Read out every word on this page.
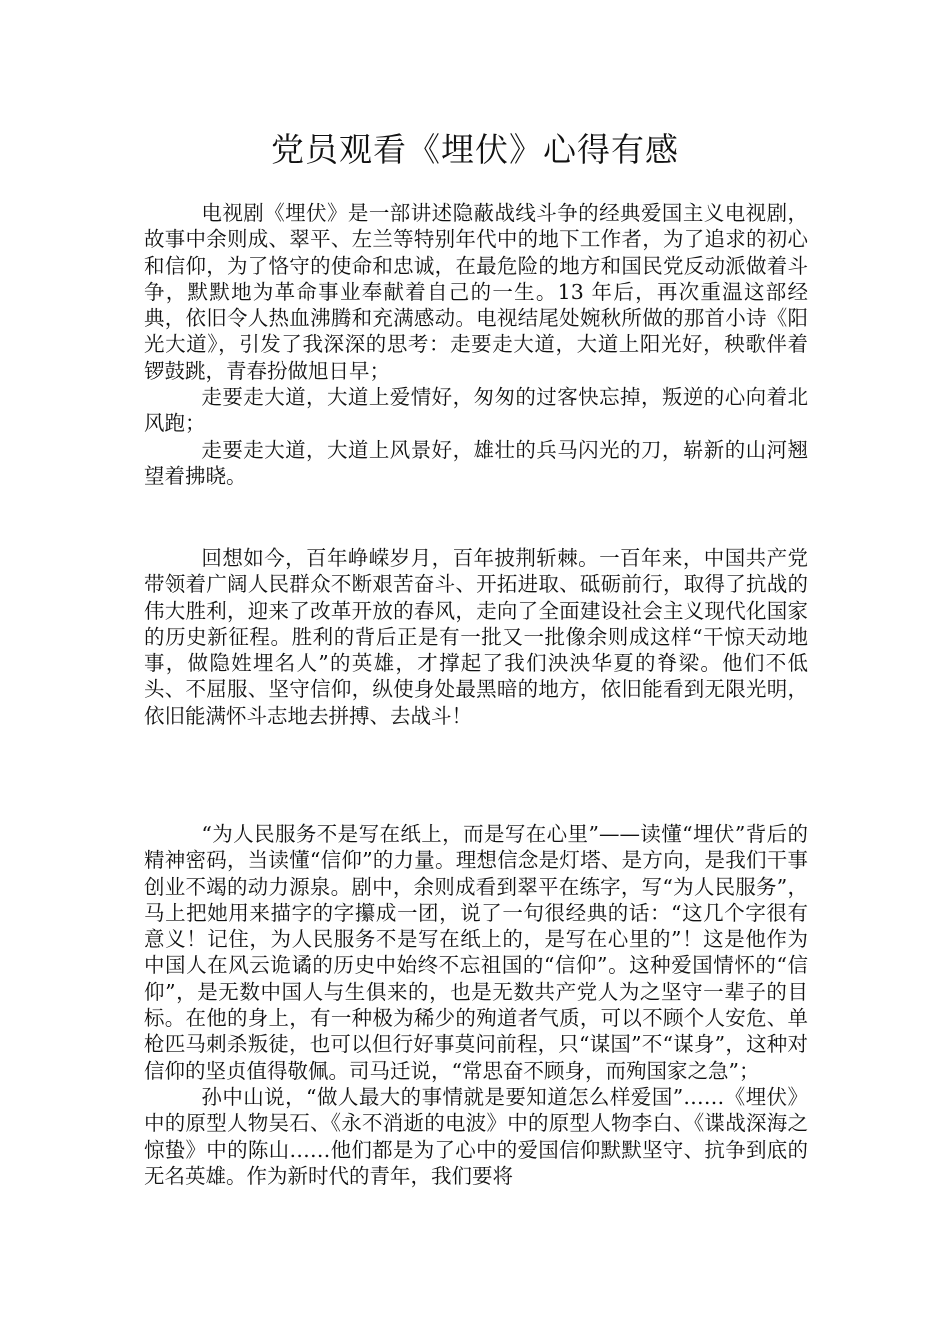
党员观看《埋伏》心得有感

电视剧《埋伏》是一部讲述隐蔽战线斗争的经典爱国主义电视剧，故事中余则成、翠平、左兰等特别年代中的地下工作者，为了追求的初心和信仰，为了恪守的使命和忠诚，在最危险的地方和国民党反动派做着斗争，默默地为革命事业奉献着自己的一生。13 年后，再次重温这部经典，依旧令人热血沸腾和充满感动。电视结尾处婉秋所做的那首小诗《阳光大道》，引发了我深深的思考：走要走大道，大道上阳光好，秧歌伴着锣鼓跳，青春扮做旭日早；

走要走大道，大道上爱情好，匆匆的过客快忘掉，叛逆的心向着北风跑；

走要走大道，大道上风景好，雄壮的兵马闪光的刀，崭新的山河翘望着拂晓。

回想如今，百年峥嵘岁月，百年披荆斩棘。一百年来，中国共产党带领着广阔人民群众不断艰苦奋斗、开拓进取、砥砺前行，取得了抗战的伟大胜利，迎来了改革开放的春风，走向了全面建设社会主义现代化国家的历史新征程。胜利的背后正是有一批又一批像余则成这样“干惊天动地事，做隐姓埋名人”的英雄，才撑起了我们泱泱华夏的脊梁。他们不低头、不屈服、坚守信仰，纵使身处最黑暗的地方，依旧能看到无限光明，依旧能满怀斗志地去拼搏、去战斗！

“为人民服务不是写在纸上，而是写在心里”——读懂“埋伏”背后的精神密码，当读懂“信仰”的力量。理想信念是灯塔、是方向，是我们干事创业不竭的动力源泉。剧中，余则成看到翠平在练字，写“为人民服务”，马上把她用来描字的字攥成一团，说了一句很经典的话：“这几个字很有意义！记住，为人民服务不是写在纸上的，是写在心里的”！这是他作为中国人在风云诡谲的历史中始终不忘祖国的“信仰”。这种爱国情怀的“信仰”，是无数中国人与生俱来的，也是无数共产党人为之坚守一辈子的目标。在他的身上，有一种极为稀少的殉道者气质，可以不顾个人安危、单枪匹马刺杀叛徒，也可以但行好事莫问前程，只“谋国”不“谋身”，这种对信仰的坚贞值得敬佩。司马迁说，“常思奋不顾身，而殉国家之急”；

孙中山说，“做人最大的事情就是要知道怎么样爱国”……《埋伏》中的原型人物吴石、《永不消逝的电波》中的原型人物李白、《谍战深海之惊蛰》中的陈山……他们都是为了心中的爱国信仰默默坚守、抗争到底的无名英雄。作为新时代的青年，我们要将
